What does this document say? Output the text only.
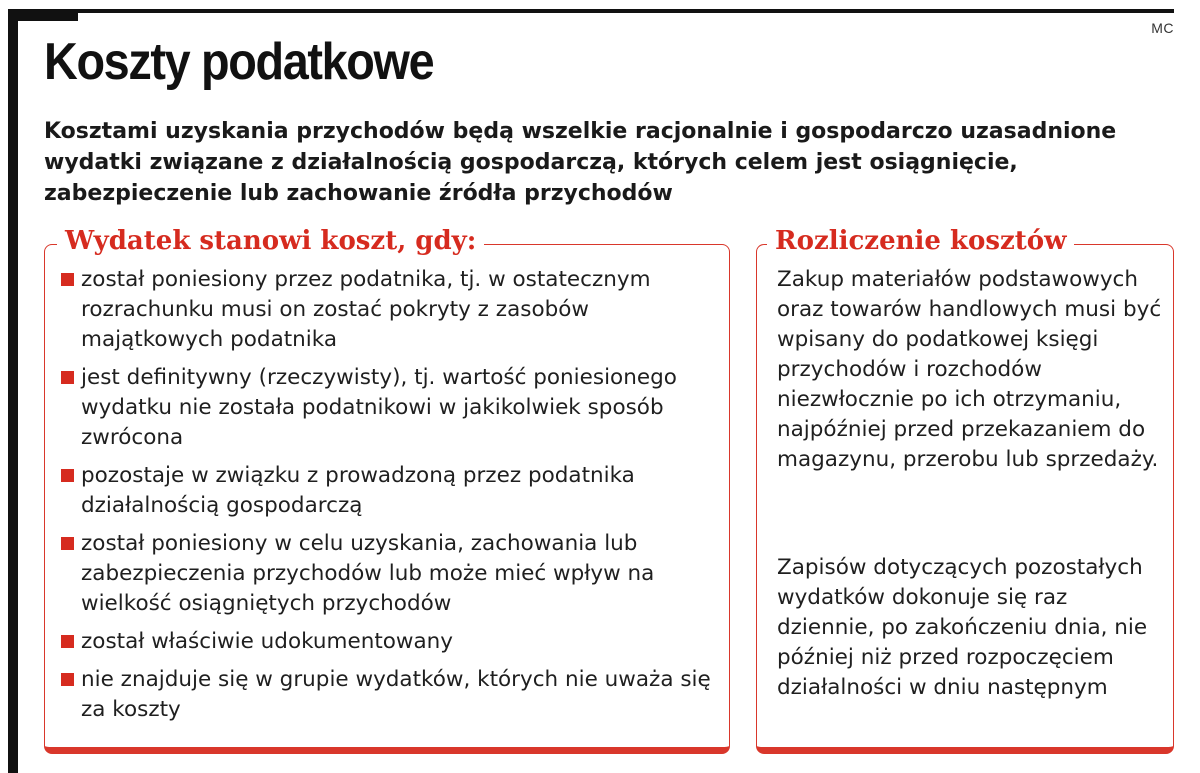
MC
Koszty podatkowe

Kosztami uzyskania przychodów będą wszelkie racjonalnie i gospodarczo uzasadnione wydatki związane z działalnością gospodarczą, których celem jest osiągnięcie, zabezpieczenie lub zachowanie źródła przychodów

Wydatek stanowi koszt, gdy:
został poniesiony przez podatnika, tj. w ostatecznym rozrachunku musi on zostać pokryty z zasobów majątkowych podatnika
jest definitywny (rzeczywisty), tj. wartość poniesionego wydatku nie została podatnikowi w jakikolwiek sposób zwrócona
pozostaje w związku z prowadzoną przez podatnika działalnością gospodarczą
został poniesiony w celu uzyskania, zachowania lub zabezpieczenia przychodów lub może mieć wpływ na wielkość osiągniętych przychodów
został właściwie udokumentowany
nie znajduje się w grupie wydatków, których nie uważa się za koszty
Rozliczenie kosztów

Zakup materiałów podstawowych oraz towarów handlowych musi być wpisany do podatkowej księgi przychodów i rozchodów niezwłocznie po ich otrzymaniu, najpóźniej przed przekazaniem do magazynu, przerobu lub sprzedaży.

Zapisów dotyczących pozostałych wydatków dokonuje się raz dziennie, po zakończeniu dnia, nie później niż przed rozpoczęciem działalności w dniu następnym
